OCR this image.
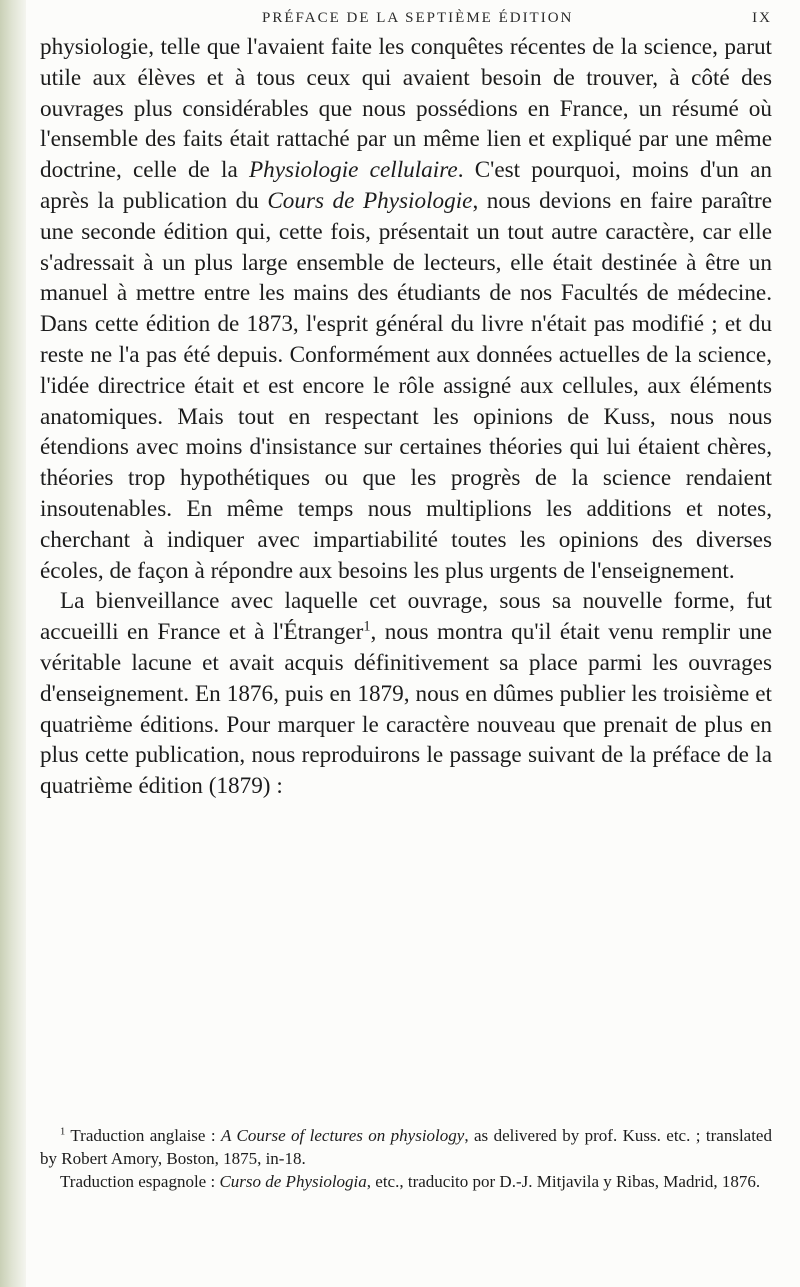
PRÉFACE DE LA SEPTIÈME ÉDITION	IX

physiologie, telle que l'avaient faite les conquêtes récentes de la science, parut utile aux élèves et à tous ceux qui avaient besoin de trouver, à côté des ouvrages plus considérables que nous possédions en France, un résumé où l'ensemble des faits était rattaché par un même lien et expliqué par une même doctrine, celle de la Physiologie cellulaire. C'est pourquoi, moins d'un an après la publication du Cours de Physiologie, nous devions en faire paraître une seconde édition qui, cette fois, présentait un tout autre caractère, car elle s'adressait à un plus large ensemble de lecteurs, elle était destinée à être un manuel à mettre entre les mains des étudiants de nos Facultés de médecine. Dans cette édition de 1873, l'esprit général du livre n'était pas modifié ; et du reste ne l'a pas été depuis. Conformément aux données actuelles de la science, l'idée directrice était et est encore le rôle assigné aux cellules, aux éléments anatomiques. Mais tout en respectant les opinions de Kuss, nous nous étendions avec moins d'insistance sur certaines théories qui lui étaient chères, théories trop hypothétiques ou que les progrès de la science rendaient insoutenables. En même temps nous multiplions les additions et notes, cherchant à indiquer avec impartiabilité toutes les opinions des diverses écoles, de façon à répondre aux besoins les plus urgents de l'enseignement.

La bienveillance avec laquelle cet ouvrage, sous sa nouvelle forme, fut accueilli en France et à l'Étranger$^1$, nous montra qu'il était venu remplir une véritable lacune et avait acquis définitivement sa place parmi les ouvrages d'enseignement. En 1876, puis en 1879, nous en dûmes publier les troisième et quatrième éditions. Pour marquer le caractère nouveau que prenait de plus en plus cette publication, nous reproduirons le passage suivant de la préface de la quatrième édition (1879) :

$^1$ Traduction anglaise : A Course of lectures on physiology, as delivered by prof. Kuss. etc. ; translated by Robert Amory, Boston, 1875, in-18.

Traduction espagnole : Curso de Physiologia, etc., traducito por D.-J. Mitjavila y Ribas, Madrid, 1876.
